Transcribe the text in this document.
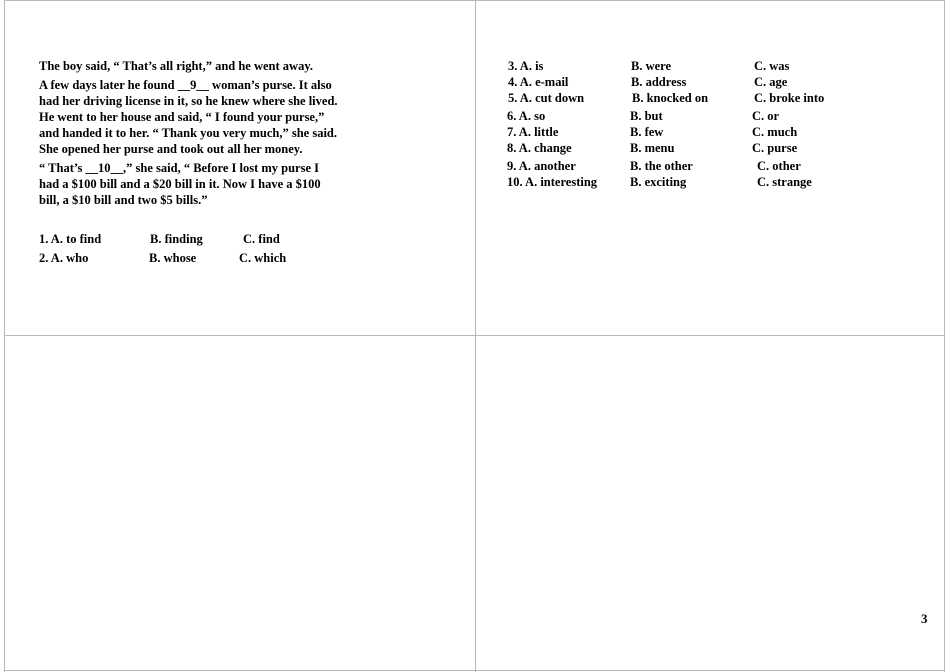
The boy said, “ That’s all right,” and he went away.
A few days later he found __9__ woman’s purse. It also
had her driving license in it, so he knew where she lived.
He went to her house and said, “ I found your purse,”
and handed it to her. “ Thank you very much,” she said.
She opened her purse and took out all her money.
“ That’s __10__,” she said, “ Before I lost my purse I
had a $100 bill and a $20 bill in it. Now I have a $100
bill, a $10 bill and two $5 bills.”
1. A. to find	B. finding	C. find
2. A. who	B. whose	C. which
3. A. is	B. were	C. was
4. A. e-mail	B. address	C. age
5. A. cut down	B. knocked on	C. broke into
6. A. so	B. but	C. or
7. A. little	B. few	C. much
8. A. change	B. menu	C. purse
9. A. another	B. the other	C. other
10. A. interesting	B. exciting	C. strange
3
